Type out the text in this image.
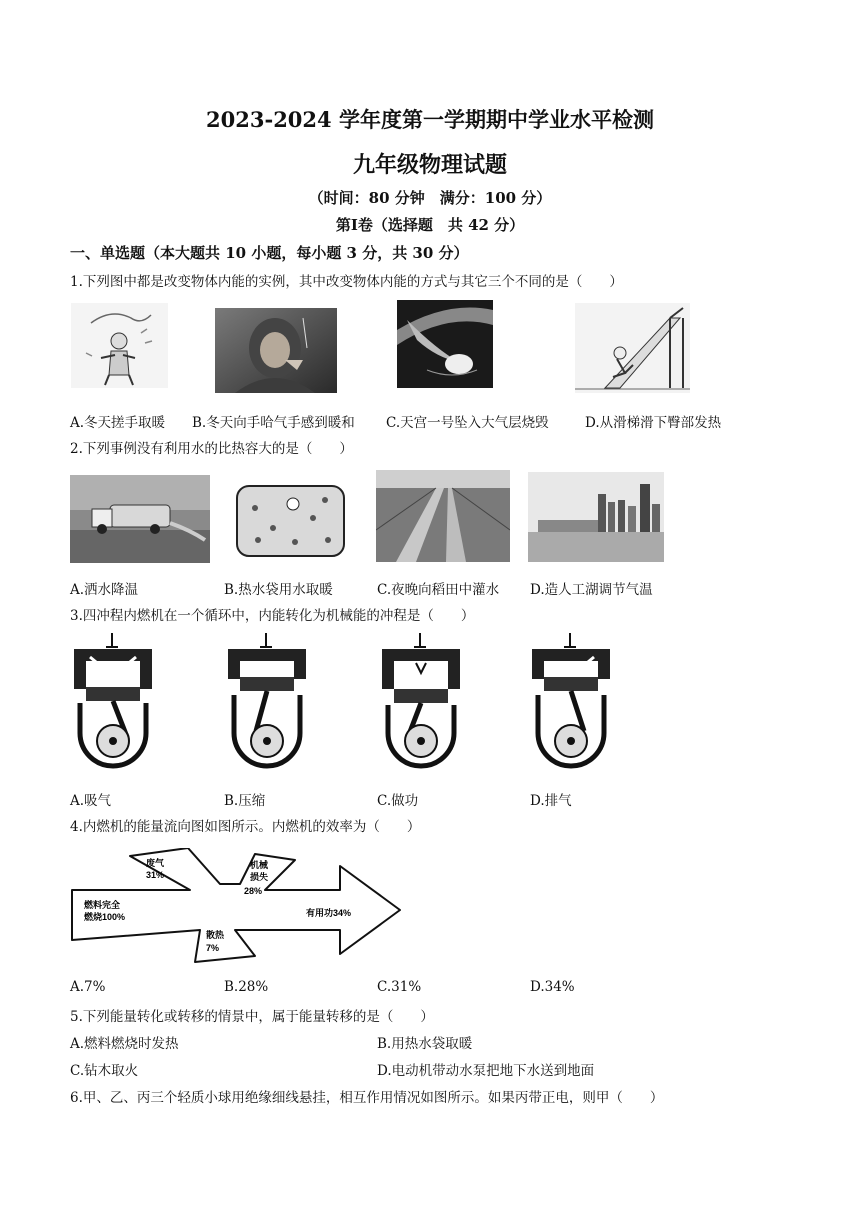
2023-2024 学年度第一学期期中学业水平检测
九年级物理试题
（时间：80 分钟　满分：100 分）
第Ⅰ卷（选择题　共 42 分）
一、单选题（本大题共 10 小题，每小题 3 分，共 30 分）
1.下列图中都是改变物体内能的实例，其中改变物体内能的方式与其它三个不同的是（　　）
A.冬天搓手取暖 B.冬天向手哈气手感到暖和 C.天宫一号坠入大气层烧毁	D.从滑梯滑下臀部发热
2.下列事例没有利用水的比热容大的是（　　）
A.洒水降温	B.热水袋用水取暖	C.夜晚向稻田中灌水 D.造人工湖调节气温
3.四冲程内燃机在一个循环中，内能转化为机械能的冲程是（　　）
A.吸气	B.压缩	C.做功	D.排气
4.内燃机的能量流向图如图所示。内燃机的效率为（　　）
燃料完全
燃烧100%
废气
31%
机械
损失
28%
有用功34%
散热
7%
A.7%	B.28%	C.31%	D.34%
5.下列能量转化或转移的情景中，属于能量转移的是（　　）
A.燃料燃烧时发热	B.用热水袋取暖
C.钻木取火	D.电动机带动水泵把地下水送到地面
6.甲、乙、丙三个轻质小球用绝缘细线悬挂，相互作用情况如图所示。如果丙带正电，则甲（　　）
